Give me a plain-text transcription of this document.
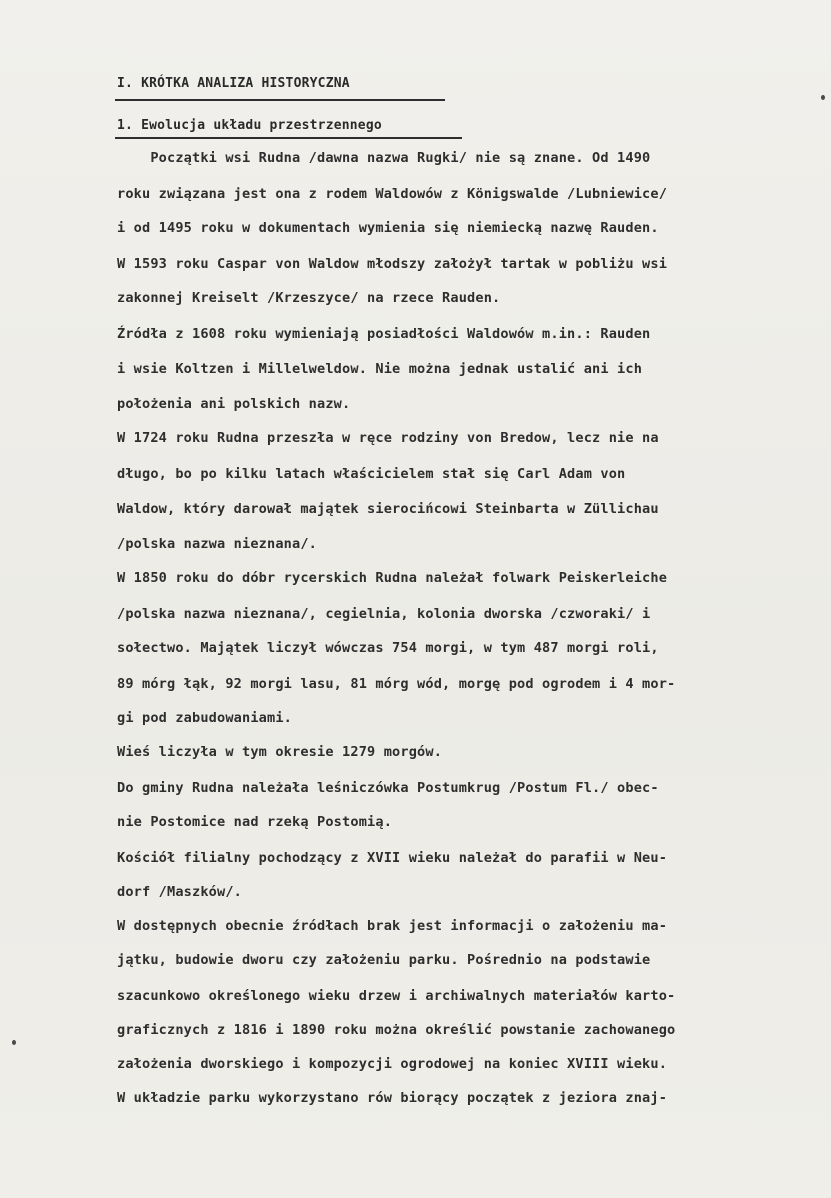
I. KRÓTKA ANALIZA HISTORYCZNA
1. Ewolucja układu przestrzennego
Początki wsi Rudna /dawna nazwa Rugki/ nie są znane. Od 1490
roku związana jest ona z rodem Waldowów z Königswalde /Lubniewice/
i od 1495 roku w dokumentach wymienia się niemiecką nazwę Rauden.
W 1593 roku Caspar von Waldow młodszy założył tartak w pobliżu wsi
zakonnej Kreiselt /Krzeszyce/ na rzece Rauden.
Źródła z 1608 roku wymieniają posiadłości Waldowów m.in.: Rauden
i wsie Koltzen i Millelweldow. Nie można jednak ustalić ani ich
położenia ani polskich nazw.
W 1724 roku Rudna przeszła w ręce rodziny von Bredow, lecz nie na
długo, bo po kilku latach właścicielem stał się Carl Adam von
Waldow, który darował majątek sierocińcowi Steinbarta w Züllichau
/polska nazwa nieznana/.
W 1850 roku do dóbr rycerskich Rudna należał folwark Peiskerleiche
/polska nazwa nieznana/, cegielnia, kolonia dworska /czworaki/ i
sołectwo. Majątek liczył wówczas 754 morgi, w tym 487 morgi roli,
89 mórg łąk, 92 morgi lasu, 81 mórg wód, morgę pod ogrodem i 4 mor-
gi pod zabudowaniami.
Wieś liczyła w tym okresie 1279 morgów.
Do gminy Rudna należała leśniczówka Postumkrug /Postum Fl./ obec-
nie Postomice nad rzeką Postomią.
Kościół filialny pochodzący z XVII wieku należał do parafii w Neu-
dorf /Maszków/.
W dostępnych obecnie źródłach brak jest informacji o założeniu ma-
jątku, budowie dworu czy założeniu parku. Pośrednio na podstawie
szacunkowo określonego wieku drzew i archiwalnych materiałów karto-
graficznych z 1816 i 1890 roku można określić powstanie zachowanego
założenia dworskiego i kompozycji ogrodowej na koniec XVIII wieku.
W układzie parku wykorzystano rów biorący początek z jeziora znaj-
